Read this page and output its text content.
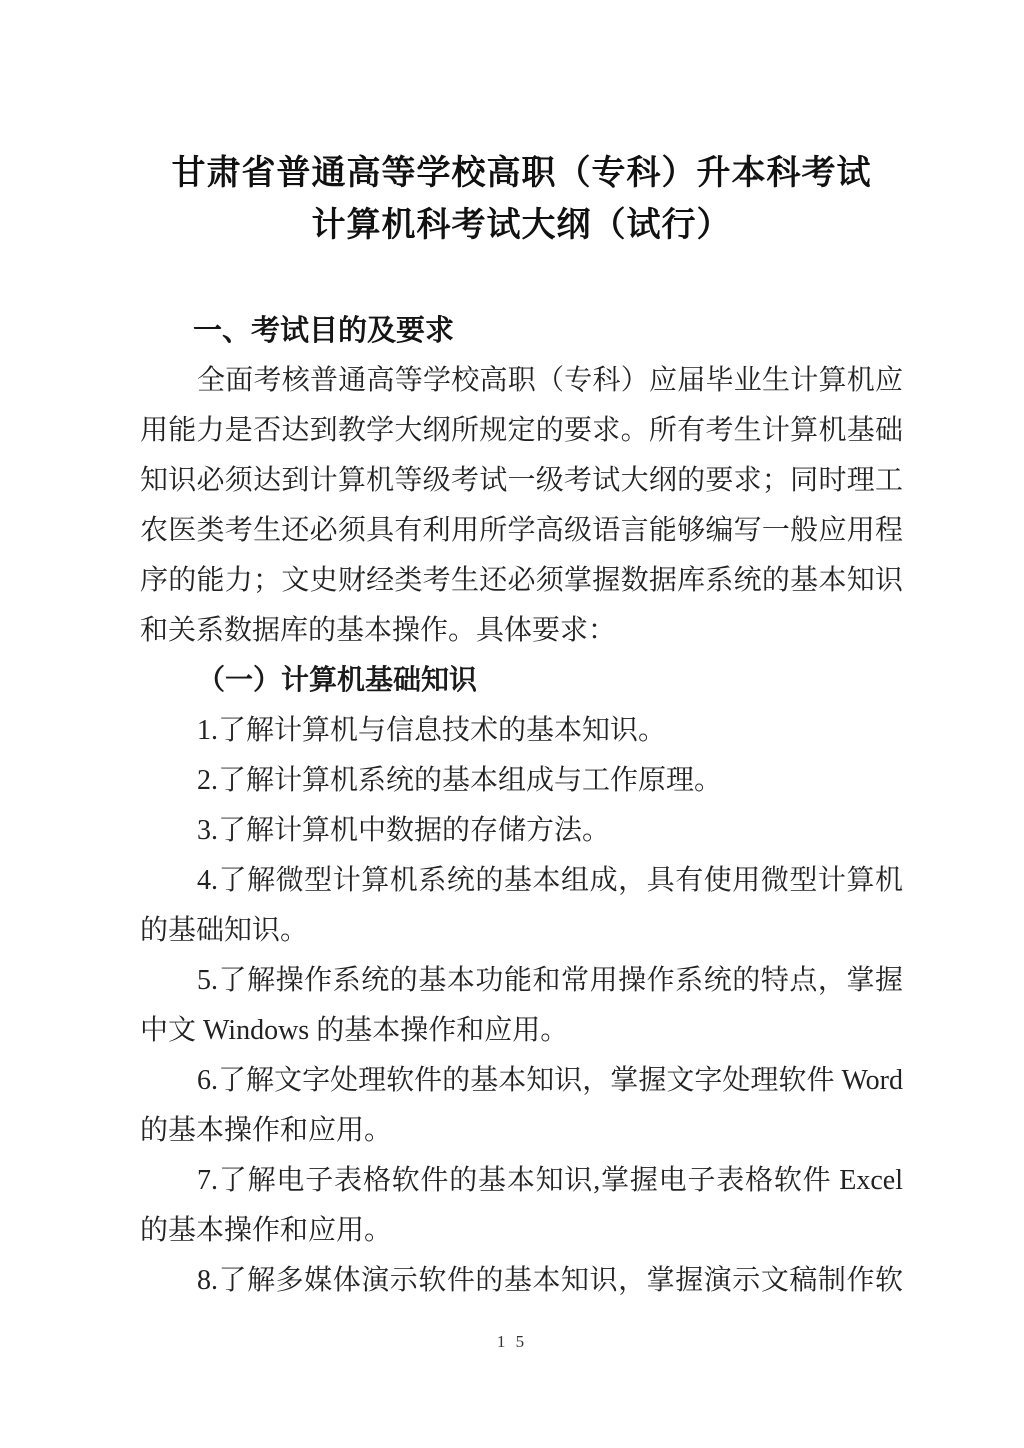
甘肃省普通高等学校高职（专科）升本科考试
计算机科考试大纲（试行）
一、考试目的及要求
全面考核普通高等学校高职（专科）应届毕业生计算机应
用能力是否达到教学大纲所规定的要求。所有考生计算机基础
知识必须达到计算机等级考试一级考试大纲的要求；同时理工
农医类考生还必须具有利用所学高级语言能够编写一般应用程
序的能力；文史财经类考生还必须掌握数据库系统的基本知识
和关系数据库的基本操作。具体要求：
（一）计算机基础知识
1.了解计算机与信息技术的基本知识。
2.了解计算机系统的基本组成与工作原理。
3.了解计算机中数据的存储方法。
4.了解微型计算机系统的基本组成，具有使用微型计算机
的基础知识。
5.了解操作系统的基本功能和常用操作系统的特点，掌握
中文 Windows 的基本操作和应用。
6.了解文字处理软件的基本知识，掌握文字处理软件 Word
的基本操作和应用。
7.了解电子表格软件的基本知识,掌握电子表格软件 Excel
的基本操作和应用。
8.了解多媒体演示软件的基本知识，掌握演示文稿制作软
1 5
